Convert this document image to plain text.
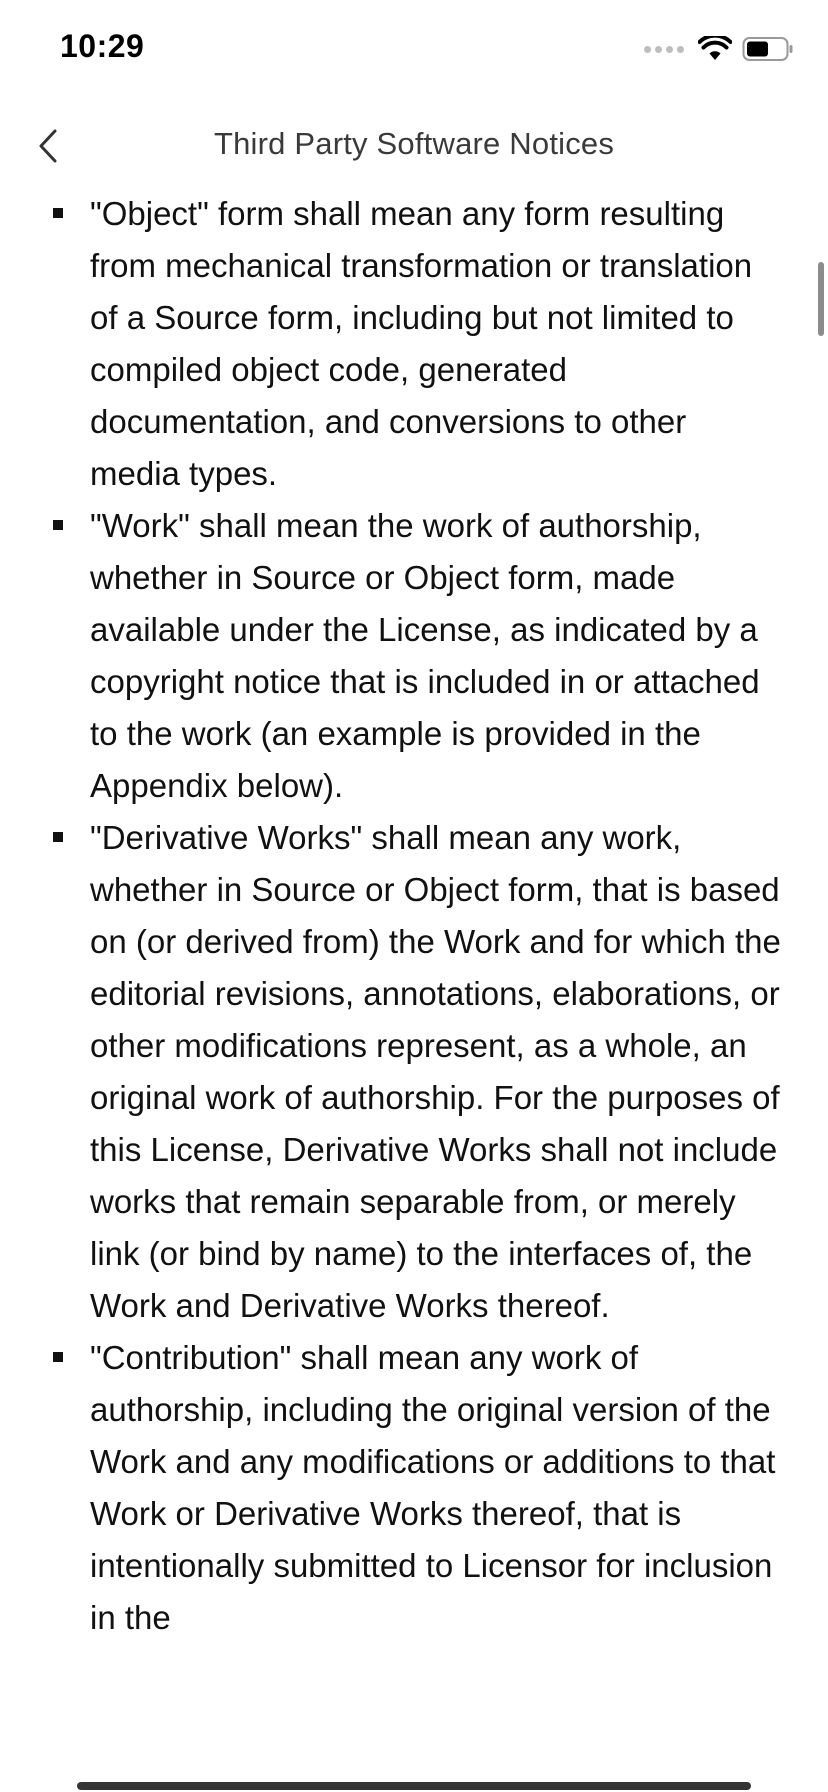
10:29
Third Party Software Notices
"Object" form shall mean any form resulting from mechanical transformation or translation of a Source form, including but not limited to compiled object code, generated documentation, and conversions to other media types.
"Work" shall mean the work of authorship, whether in Source or Object form, made available under the License, as indicated by a copyright notice that is included in or attached to the work (an example is provided in the Appendix below).
"Derivative Works" shall mean any work, whether in Source or Object form, that is based on (or derived from) the Work and for which the editorial revisions, annotations, elaborations, or other modifications represent, as a whole, an original work of authorship. For the purposes of this License, Derivative Works shall not include works that remain separable from, or merely link (or bind by name) to the interfaces of, the Work and Derivative Works thereof.
"Contribution" shall mean any work of authorship, including the original version of the Work and any modifications or additions to that Work or Derivative Works thereof, that is intentionally submitted to Licensor for inclusion in the
